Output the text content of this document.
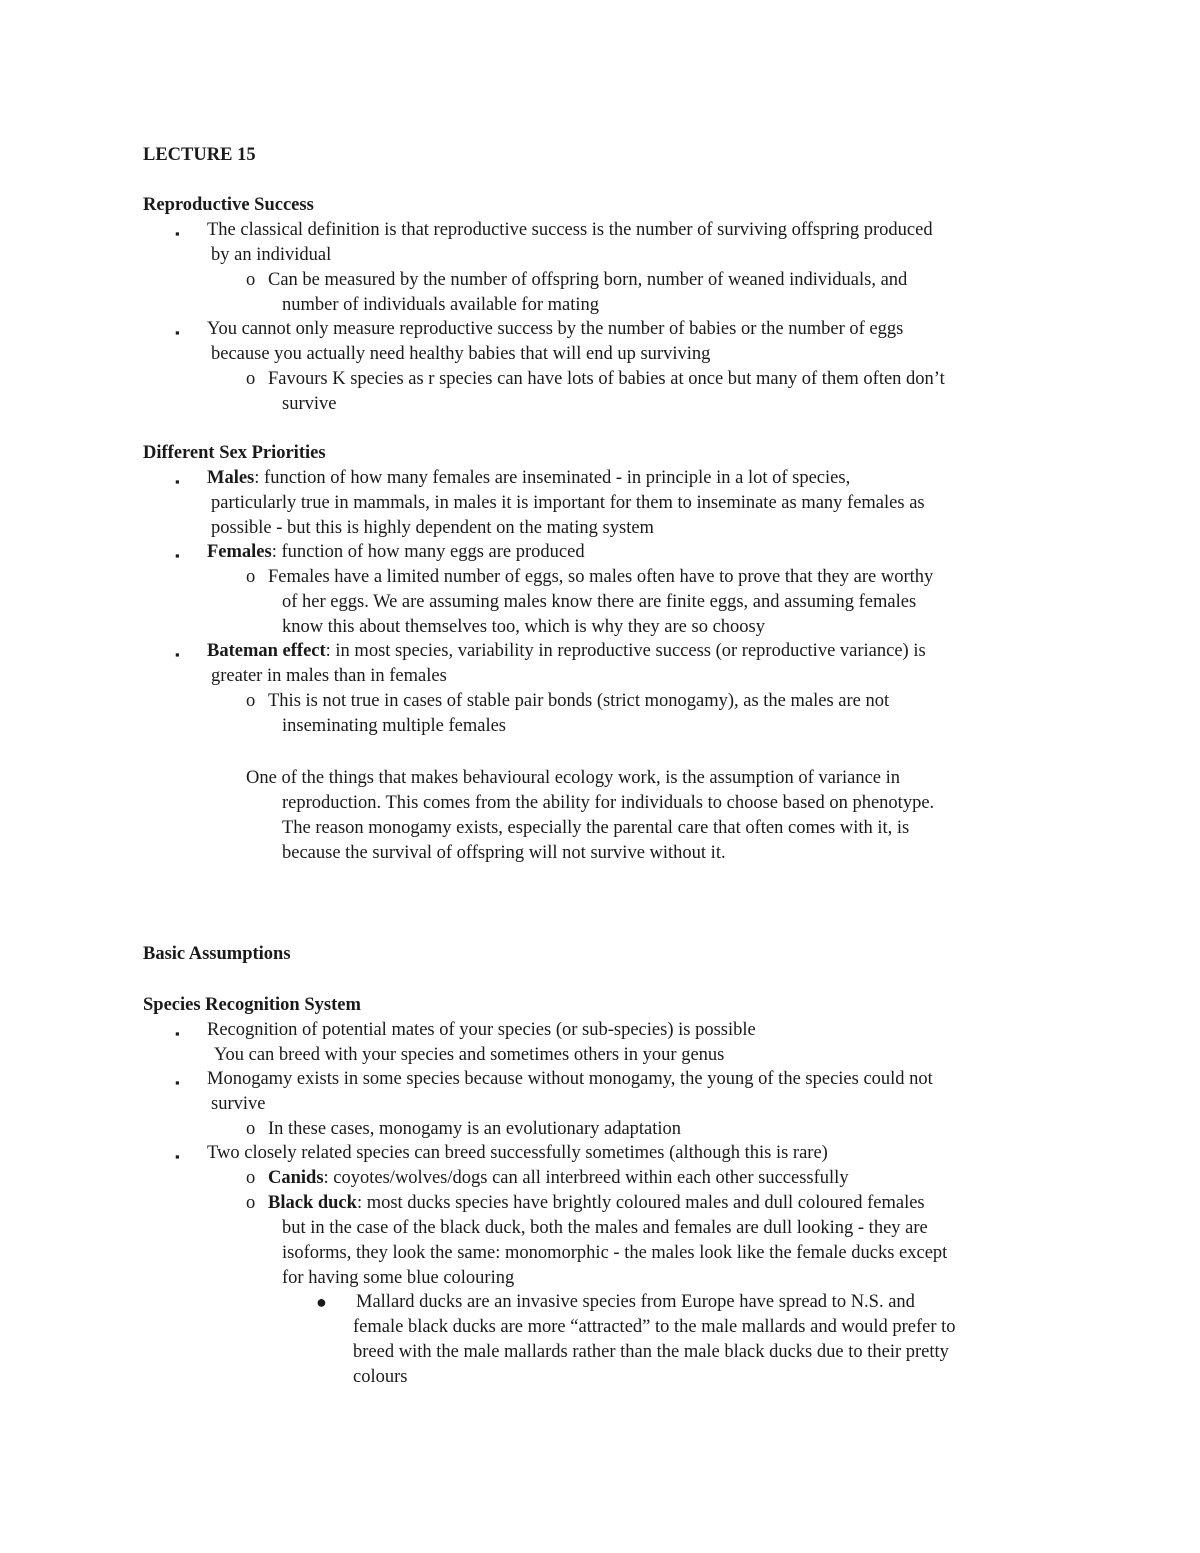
LECTURE 15
Reproductive Success
▪ The classical definition is that reproductive success is the number of surviving offspring produced
by an individual
o Can be measured by the number of offspring born, number of weaned individuals, and
number of individuals available for mating
▪ You cannot only measure reproductive success by the number of babies or the number of eggs
because you actually need healthy babies that will end up surviving
o Favours K species as r species can have lots of babies at once but many of them often don’t
survive
Different Sex Priorities
▪ Males: function of how many females are inseminated - in principle in a lot of species,
particularly true in mammals, in males it is important for them to inseminate as many females as
possible - but this is highly dependent on the mating system
▪ Females: function of how many eggs are produced
o Females have a limited number of eggs, so males often have to prove that they are worthy
of her eggs. We are assuming males know there are finite eggs, and assuming females
know this about themselves too, which is why they are so choosy
▪ Bateman effect: in most species, variability in reproductive success (or reproductive variance) is
greater in males than in females
o This is not true in cases of stable pair bonds (strict monogamy), as the males are not
inseminating multiple females
One of the things that makes behavioural ecology work, is the assumption of variance in
reproduction. This comes from the ability for individuals to choose based on phenotype.
The reason monogamy exists, especially the parental care that often comes with it, is
because the survival of offspring will not survive without it.
Basic Assumptions
Species Recognition System
▪ Recognition of potential mates of your species (or sub-species) is possible
You can breed with your species and sometimes others in your genus
▪ Monogamy exists in some species because without monogamy, the young of the species could not
survive
o In these cases, monogamy is an evolutionary adaptation
▪ Two closely related species can breed successfully sometimes (although this is rare)
o Canids: coyotes/wolves/dogs can all interbreed within each other successfully
o Black duck: most ducks species have brightly coloured males and dull coloured females
but in the case of the black duck, both the males and females are dull looking - they are
isoforms, they look the same: monomorphic - the males look like the female ducks except
for having some blue colouring
● Mallard ducks are an invasive species from Europe have spread to N.S. and
female black ducks are more “attracted” to the male mallards and would prefer to
breed with the male mallards rather than the male black ducks due to their pretty
colours
